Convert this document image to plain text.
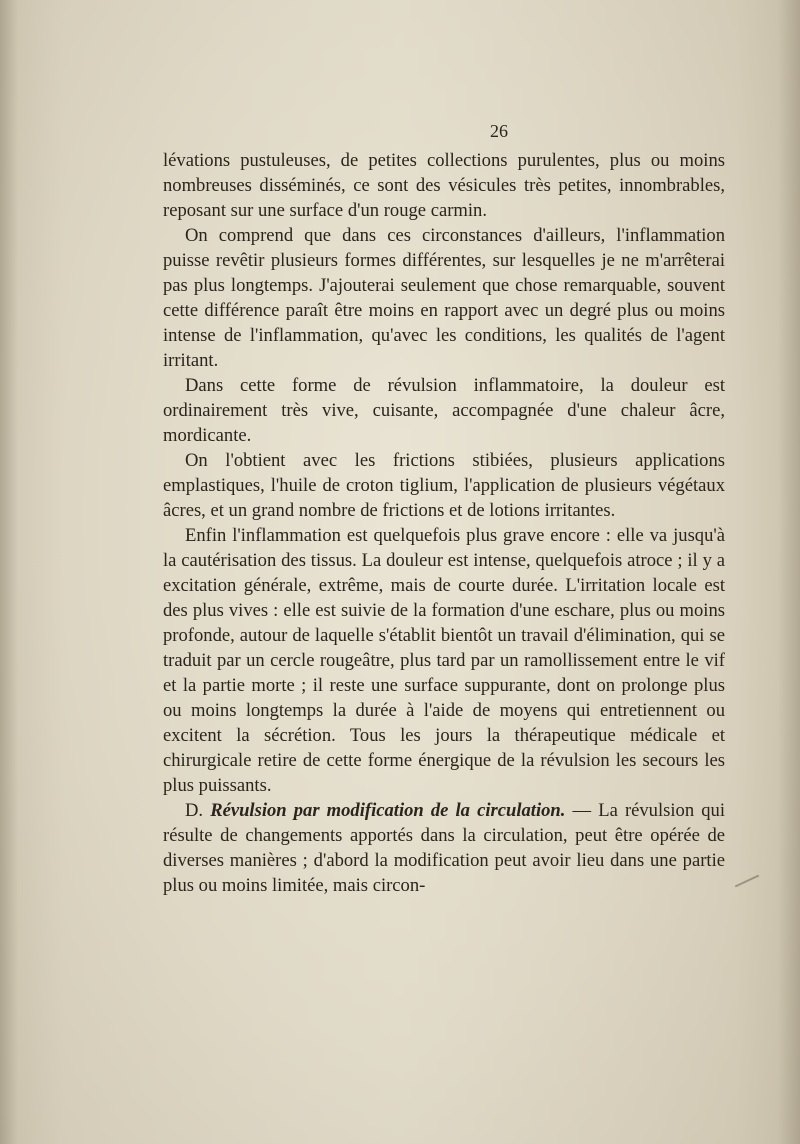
26

lévations pustuleuses, de petites collections purulentes, plus ou moins nombreuses disséminés, ce sont des vésicules très petites, innombrables, reposant sur une surface d'un rouge carmin.

On comprend que dans ces circonstances d'ailleurs, l'inflammation puisse revêtir plusieurs formes différentes, sur lesquelles je ne m'arrêterai pas plus longtemps. J'ajouterai seulement que chose remarquable, souvent cette différence paraît être moins en rapport avec un degré plus ou moins intense de l'inflammation, qu'avec les conditions, les qualités de l'agent irritant.

Dans cette forme de révulsion inflammatoire, la douleur est ordinairement très vive, cuisante, accompagnée d'une chaleur âcre, mordicante.

On l'obtient avec les frictions stibiées, plusieurs applications emplastiques, l'huile de croton tiglium, l'application de plusieurs végétaux âcres, et un grand nombre de frictions et de lotions irritantes.

Enfin l'inflammation est quelquefois plus grave encore : elle va jusqu'à la cautérisation des tissus. La douleur est intense, quelquefois atroce ; il y a excitation générale, extrême, mais de courte durée. L'irritation locale est des plus vives : elle est suivie de la formation d'une eschare, plus ou moins profonde, autour de laquelle s'établit bientôt un travail d'élimination, qui se traduit par un cercle rougeâtre, plus tard par un ramollissement entre le vif et la partie morte ; il reste une surface suppurante, dont on prolonge plus ou moins longtemps la durée à l'aide de moyens qui entretiennent ou excitent la sécrétion. Tous les jours la thérapeutique médicale et chirurgicale retire de cette forme énergique de la révulsion les secours les plus puissants.

D. Révulsion par modification de la circulation. — La révulsion qui résulte de changements apportés dans la circulation, peut être opérée de diverses manières ; d'abord la modification peut avoir lieu dans une partie plus ou moins limitée, mais circon-
